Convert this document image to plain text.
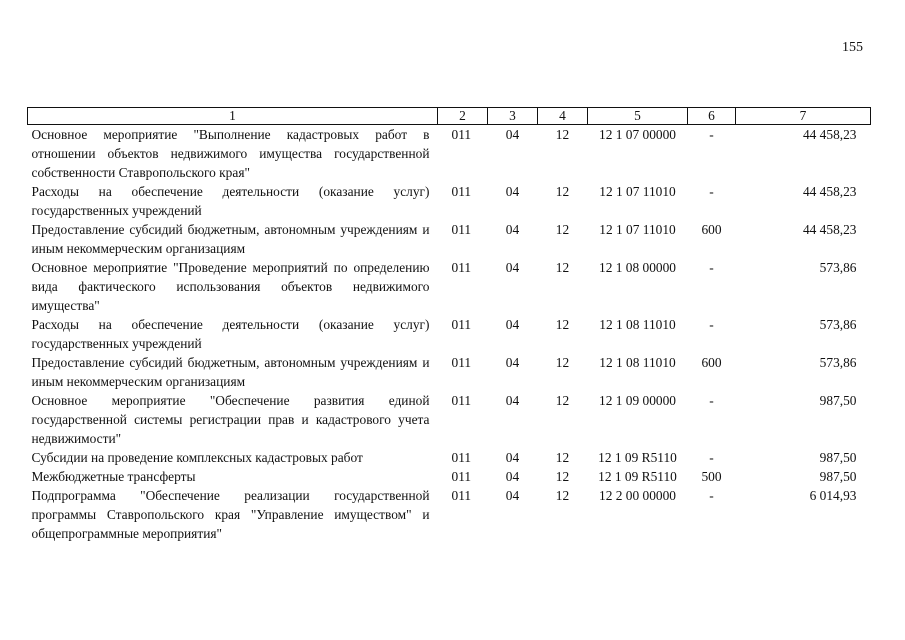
155
1	2	3	4	5	6	7
Основное мероприятие "Выполнение кадастровых работ в отношении объектов недвижимого имущества государственной собственности Ставропольского края"	011	04	12	12 1 07 00000	-	44 458,23
Расходы на обеспечение деятельности (оказание услуг) государственных учреждений	011	04	12	12 1 07 11010	-	44 458,23
Предоставление субсидий бюджетным, автономным учреждениям и иным некоммерческим организациям	011	04	12	12 1 07 11010	600	44 458,23
Основное мероприятие "Проведение мероприятий по определению вида фактического использования объектов недвижимого имущества"	011	04	12	12 1 08 00000	-	573,86
Расходы на обеспечение деятельности (оказание услуг) государственных учреждений	011	04	12	12 1 08 11010	-	573,86
Предоставление субсидий бюджетным, автономным учреждениям и иным некоммерческим организациям	011	04	12	12 1 08 11010	600	573,86
Основное мероприятие "Обеспечение развития единой государственной системы регистрации прав и кадастрового учета недвижимости"	011	04	12	12 1 09 00000	-	987,50
Субсидии на проведение комплексных кадастровых работ	011	04	12	12 1 09 R5110	-	987,50
Межбюджетные трансферты	011	04	12	12 1 09 R5110	500	987,50
Подпрограмма "Обеспечение реализации государственной программы Ставропольского края "Управление имуществом" и общепрограммные мероприятия"	011	04	12	12 2 00 00000	-	6 014,93
